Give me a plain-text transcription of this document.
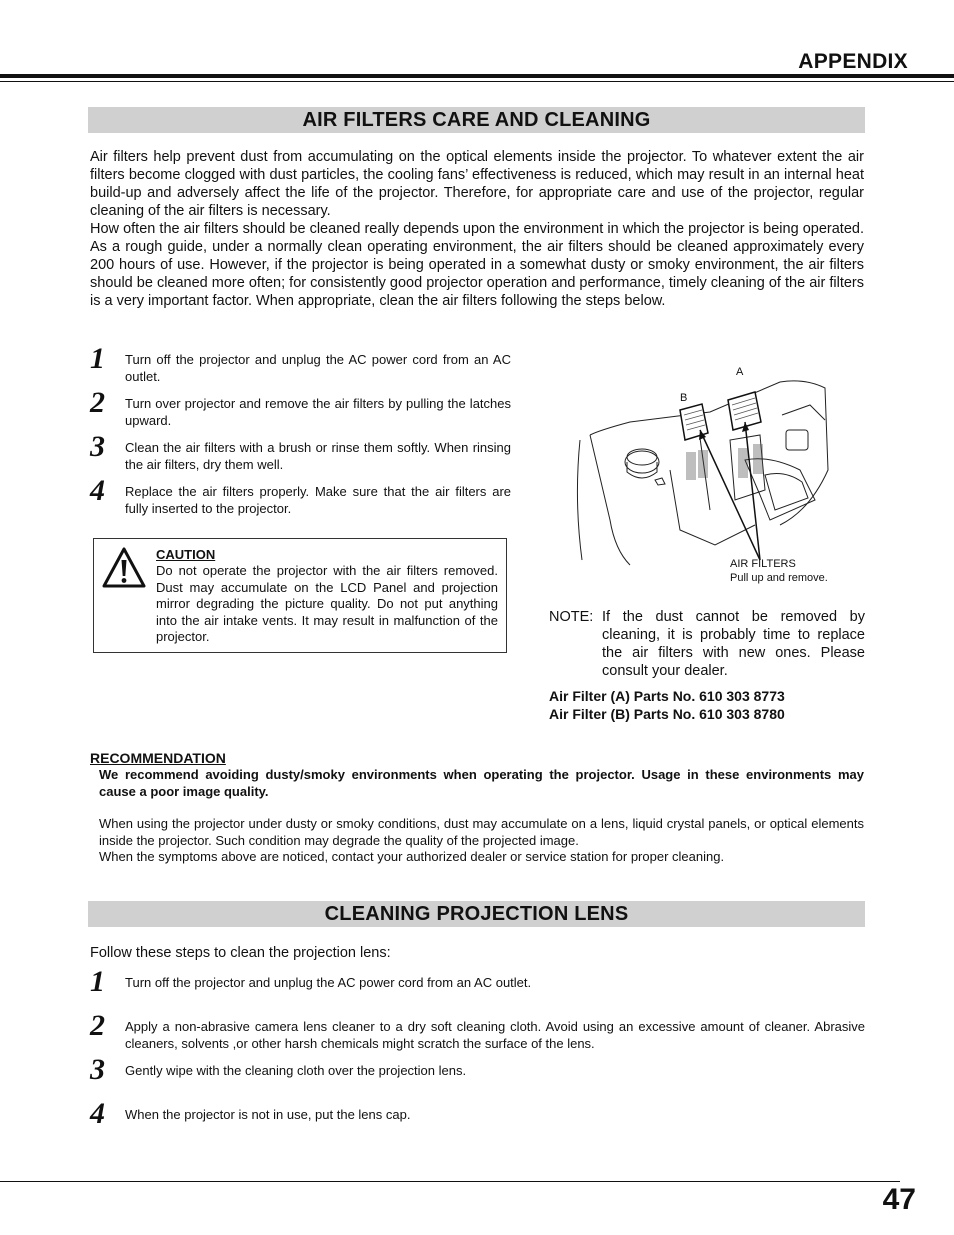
APPENDIX
AIR FILTERS CARE AND CLEANING

Air filters help prevent dust from accumulating on the optical elements inside the projector. To whatever extent the air filters become clogged with dust particles, the cooling fans’ effectiveness is reduced, which may result in an internal heat build-up and adversely affect the life of the projector. Therefore, for appropriate care and use of the projector, regular cleaning of the air filters is necessary.

How often the air filters should be cleaned really depends upon the environment in which the projector is being operated. As a rough guide, under a normally clean operating environment, the air filters should be cleaned approximately every 200 hours of use. However, if the projector is being operated in a somewhat dusty or smoky environment, the air filters should be cleaned more often; for consistently good projector operation and performance, timely cleaning of the air filters is a very important factor. When appropriate, clean the air filters following the steps below.

1 Turn off the projector and unplug the AC power cord from an AC outlet.
2 Turn over projector and remove the air filters by pulling the latches upward.
3 Clean the air filters with a brush or rinse them softly. When rinsing the air filters, dry them well.
4 Replace the air filters properly. Make sure that the air filters are fully inserted to the projector.
CAUTION
Do not operate the projector with the air filters removed. Dust may accumulate on the LCD Panel and projection mirror degrading the picture quality. Do not put anything into the air intake vents. It may result in malfunction of the projector.
A
B
AIR FILTERS
Pull up and remove.
NOTE: If the dust cannot be removed by cleaning, it is probably time to replace the air filters with new ones. Please consult your dealer.
Air Filter (A) Parts No. 610 303 8773
Air Filter (B) Parts No. 610 303 8780
RECOMMENDATION
We recommend avoiding dusty/smoky environments when operating the projector. Usage in these environments may cause a poor image quality.
When using the projector under dusty or smoky conditions, dust may accumulate on a lens, liquid crystal panels, or optical elements inside the projector. Such condition may degrade the quality of the projected image.
When the symptoms above are noticed, contact your authorized dealer or service station for proper cleaning.
CLEANING PROJECTION LENS

Follow these steps to clean the projection lens:

1 Turn off the projector and unplug the AC power cord from an AC outlet.
2 Apply a non-abrasive camera lens cleaner to a dry soft cleaning cloth. Avoid using an excessive amount of cleaner. Abrasive cleaners, solvents ,or other harsh chemicals might scratch the surface of the lens.
3 Gently wipe with the cleaning cloth over the projection lens.
4 When the projector is not in use, put the lens cap.
47
